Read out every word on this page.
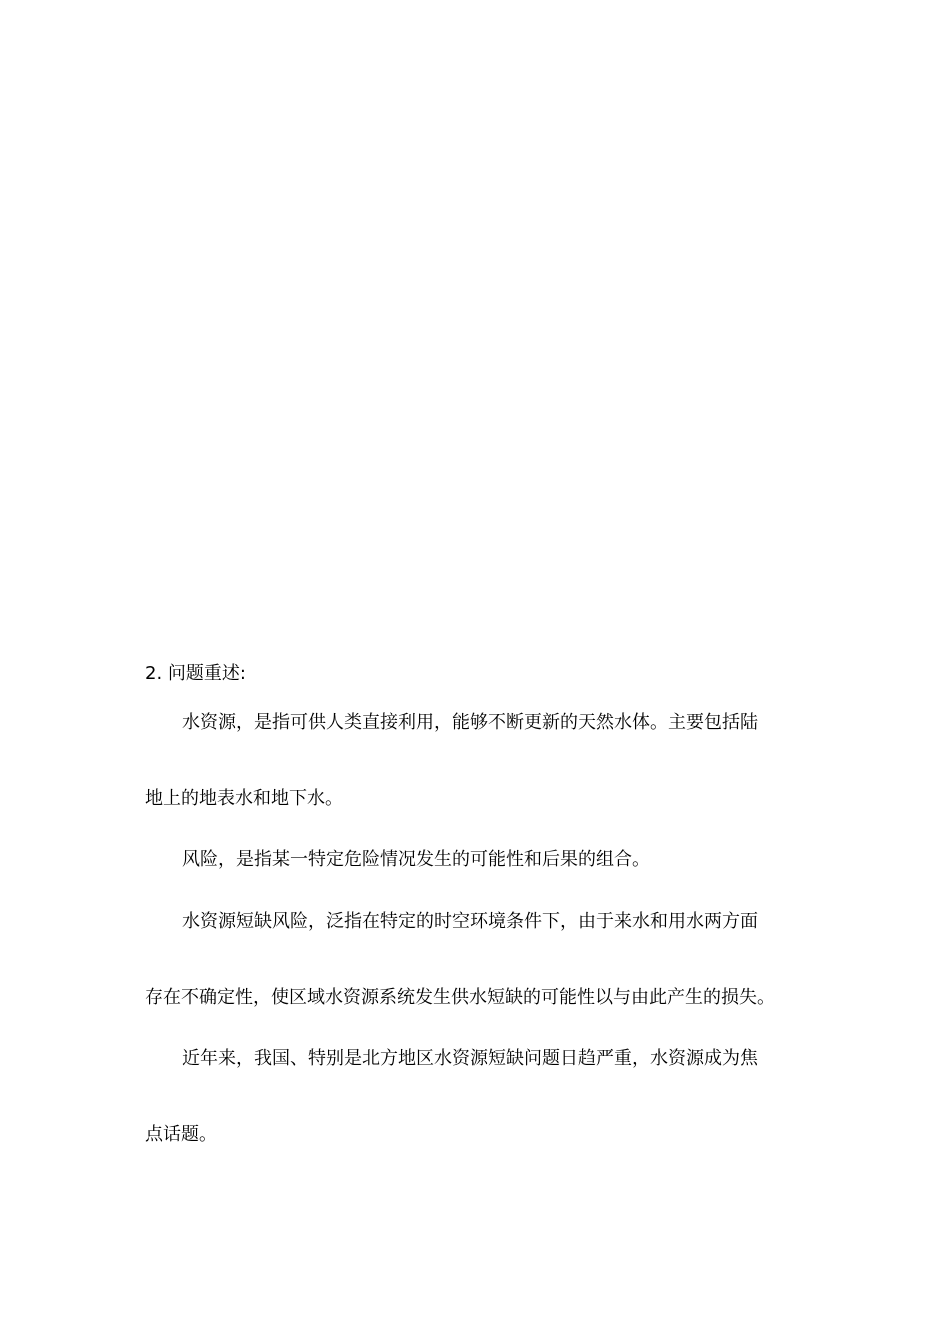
2. 问题重述:
水资源，是指可供人类直接利用，能够不断更新的天然水体。主要包括陆
地上的地表水和地下水。
风险，是指某一特定危险情况发生的可能性和后果的组合。
水资源短缺风险，泛指在特定的时空环境条件下，由于来水和用水两方面
存在不确定性，使区域水资源系统发生供水短缺的可能性以与由此产生的损失。
近年来，我国、特别是北方地区水资源短缺问题日趋严重，水资源成为焦
点话题。
